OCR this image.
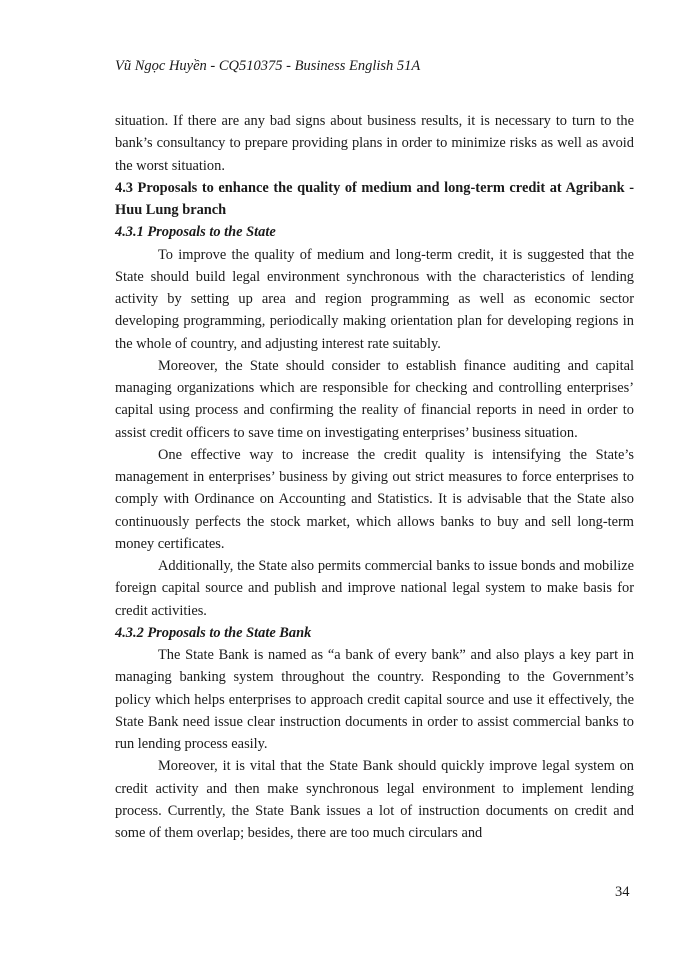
Vũ Ngọc Huyền - CQ510375 - Business English 51A

situation. If there are any bad signs about business results, it is necessary to turn to the bank’s consultancy to prepare providing plans in order to minimize risks as well as avoid the worst situation.

4.3 Proposals to enhance the quality of medium and long-term credit at Agribank - Huu Lung branch

4.3.1 Proposals to the State

To improve the quality of medium and long-term credit, it is suggested that the State should build legal environment synchronous with the characteristics of lending activity by setting up area and region programming as well as economic sector developing programming, periodically making orientation plan for developing regions in the whole of country, and adjusting interest rate suitably.

Moreover, the State should consider to establish finance auditing and capital managing organizations which are responsible for checking and controlling enterprises’ capital using process and confirming the reality of financial reports in need in order to assist credit officers to save time on investigating enterprises’ business situation.

One effective way to increase the credit quality is intensifying the State’s management in enterprises’ business by giving out strict measures to force enterprises to comply with Ordinance on Accounting and Statistics. It is advisable that the State also continuously perfects the stock market, which allows banks to buy and sell long-term money certificates.

Additionally, the State also permits commercial banks to issue bonds and mobilize foreign capital source and publish and improve national legal system to make basis for credit activities.

4.3.2 Proposals to the State Bank

The State Bank is named as “a bank of every bank” and also plays a key part in managing banking system throughout the country. Responding to the Government’s policy which helps enterprises to approach credit capital source and use it effectively, the State Bank need issue clear instruction documents in order to assist commercial banks to run lending process easily.

Moreover, it is vital that the State Bank should quickly improve legal system on credit activity and then make synchronous legal environment to implement lending process. Currently, the State Bank issues a lot of instruction documents on credit and some of them overlap; besides, there are too much circulars and

34
